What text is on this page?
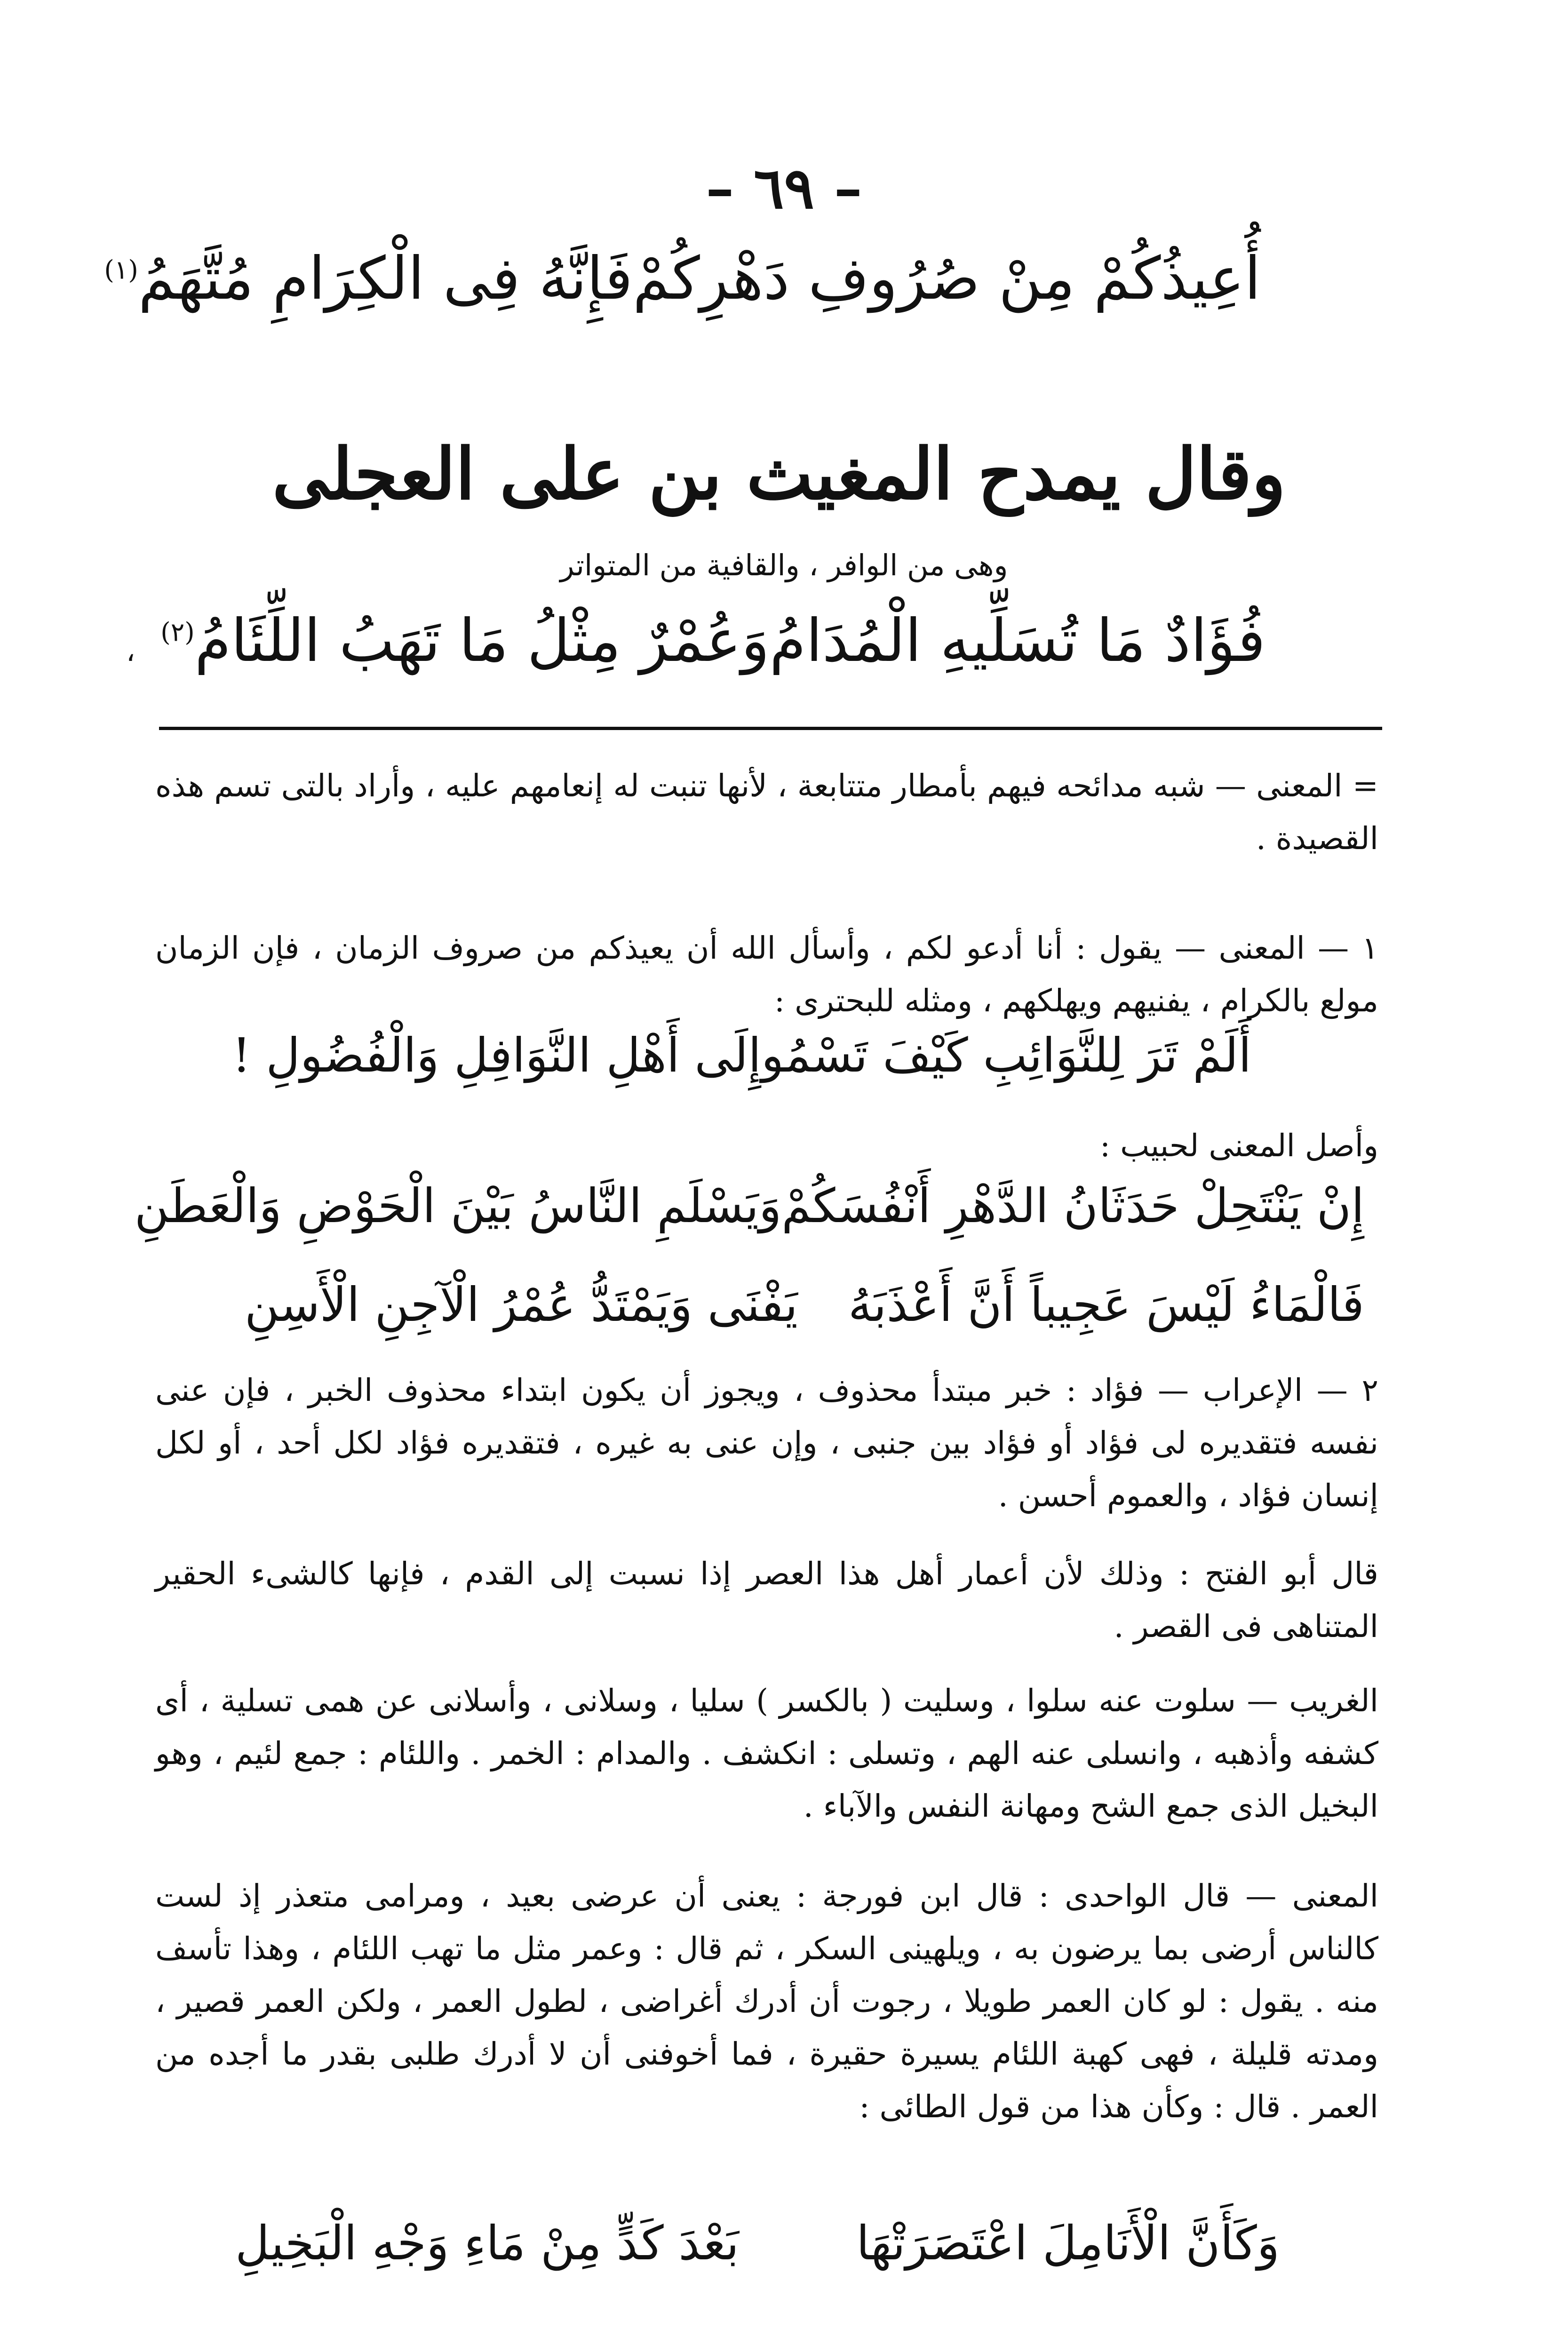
– ٦٩ –
أُعِيذُكُمْ مِنْ صُرُوفِ دَهْرِكُمْ
فَإِنَّهُ فِى الْكِرَامِ مُتَّهَمُ$^{(١)}$
وقال يمدح المغيث بن على العجلى
وهى من الوافر ، والقافية من المتواتر
فُؤَادٌ مَا تُسَلِّيهِ الْمُدَامُ
وَعُمْرٌ مِثْلُ مَا تَهَبُ اللِّئَامُ$^{(٢)}$
،
= المعنى — شبه مدائحه فيهم بأمطار متتابعة ، لأنها تنبت له إنعامهم عليه ، وأراد بالتى تسم هذه القصيدة .
١ — المعنى — يقول : أنا أدعو لكم ، وأسأل الله أن يعيذكم من صروف الزمان ، فإن الزمان مولع بالكرام ، يفنيهم ويهلكهم ، ومثله للبحترى :
أَلَمْ تَرَ لِلنَّوَائِبِ كَيْفَ تَسْمُو
إِلَى أَهْلِ النَّوَافِلِ وَالْفُضُولِ !
وأصل المعنى لحبيب :
إِنْ يَنْتَحِلْ حَدَثَانُ الدَّهْرِ أَنْفُسَكُمْ
وَيَسْلَمِ النَّاسُ بَيْنَ الْحَوْضِ وَالْعَطَنِ
فَالْمَاءُ لَيْسَ عَجِيباً أَنَّ أَعْذَبَهُ
يَفْنَى وَيَمْتَدُّ عُمْرُ الْآجِنِ الْأَسِنِ
٢ — الإعراب — فؤاد : خبر مبتدأ محذوف ، ويجوز أن يكون ابتداء محذوف الخبر ، فإن عنى نفسه فتقديره لى فؤاد أو فؤاد بين جنبى ، وإن عنى به غيره ، فتقديره فؤاد لكل أحد ، أو لكل إنسان فؤاد ، والعموم أحسن .
قال أبو الفتح : وذلك لأن أعمار أهل هذا العصر إذا نسبت إلى القدم ، فإنها كالشىء الحقير المتناهى فى القصر .
الغريب — سلوت عنه سلوا ، وسليت ( بالكسر ) سليا ، وسلانى ، وأسلانى عن همى تسلية ، أى كشفه وأذهبه ، وانسلى عنه الهم ، وتسلى : انكشف . والمدام : الخمر . واللئام : جمع لئيم ، وهو البخيل الذى جمع الشح ومهانة النفس والآباء .
المعنى — قال الواحدى : قال ابن فورجة : يعنى أن عرضى بعيد ، ومرامى متعذر إذ لست كالناس أرضى بما يرضون به ، ويلهينى السكر ، ثم قال : وعمر مثل ما تهب اللئام ، وهذا تأسف منه . يقول : لو كان العمر طويلا ، رجوت أن أدرك أغراضى ، لطول العمر ، ولكن العمر قصير ، ومدته قليلة ، فهى كهبة اللئام يسيرة حقيرة ، فما أخوفنى أن لا أدرك طلبى بقدر ما أجده من العمر . قال : وكأن هذا من قول الطائى :
وَكَأَنَّ الْأَنَامِلَ اعْتَصَرَتْهَا
بَعْدَ كَدٍّ مِنْ مَاءِ وَجْهِ الْبَخِيلِ
